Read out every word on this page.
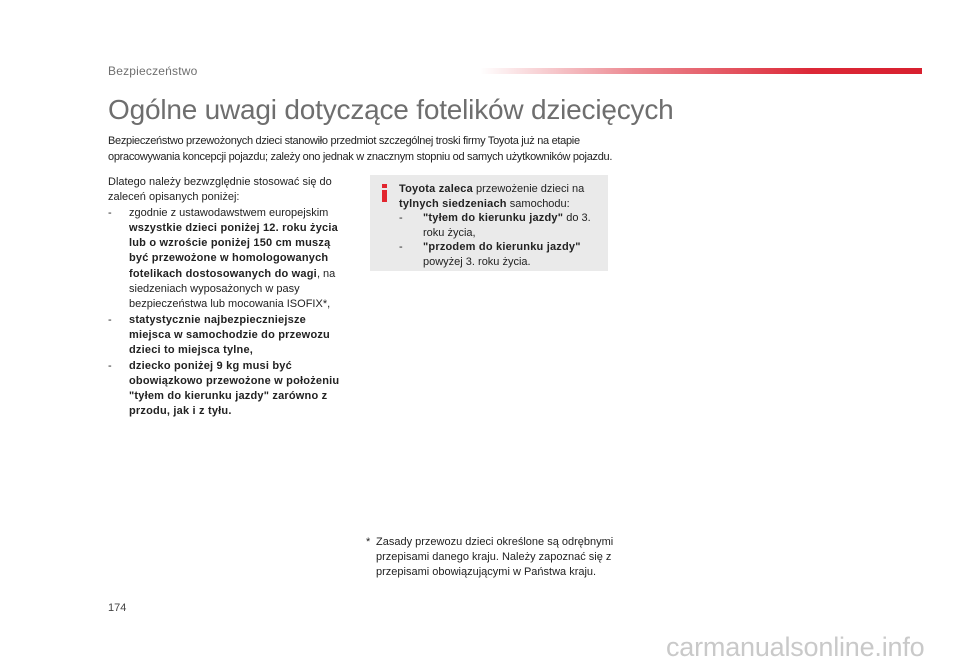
Bezpieczeństwo
Ogólne uwagi dotyczące fotelików dziecięcych

Bezpieczeństwo przewożonych dzieci stanowiło przedmiot szczególnej troski firmy Toyota już na etapie opracowywania koncepcji pojazdu; zależy ono jednak w znacznym stopniu od samych użytkowników pojazdu.

Dlatego należy bezwzględnie stosować się do zaleceń opisanych poniżej:

- zgodnie z ustawodawstwem europejskim wszystkie dzieci poniżej 12. roku życia lub o wzroście poniżej 150 cm muszą być przewożone w homologowanych fotelikach dostosowanych do wagi, na siedzeniach wyposażonych w pasy bezpieczeństwa lub mocowania ISOFIX*,
- statystycznie najbezpieczniejsze miejsca w samochodzie do przewozu dzieci to miejsca tylne,
- dziecko poniżej 9 kg musi być obowiązkowo przewożone w położeniu "tyłem do kierunku jazdy" zarówno z przodu, jak i z tyłu.
Toyota zaleca przewożenie dzieci na tylnych siedzeniach samochodu:
- "tyłem do kierunku jazdy" do 3. roku życia,
- "przodem do kierunku jazdy" powyżej 3. roku życia.
* Zasady przewozu dzieci określone są odrębnymi przepisami danego kraju. Należy zapoznać się z przepisami obowiązującymi w Państwa kraju.
174
carmanualsonline.info
